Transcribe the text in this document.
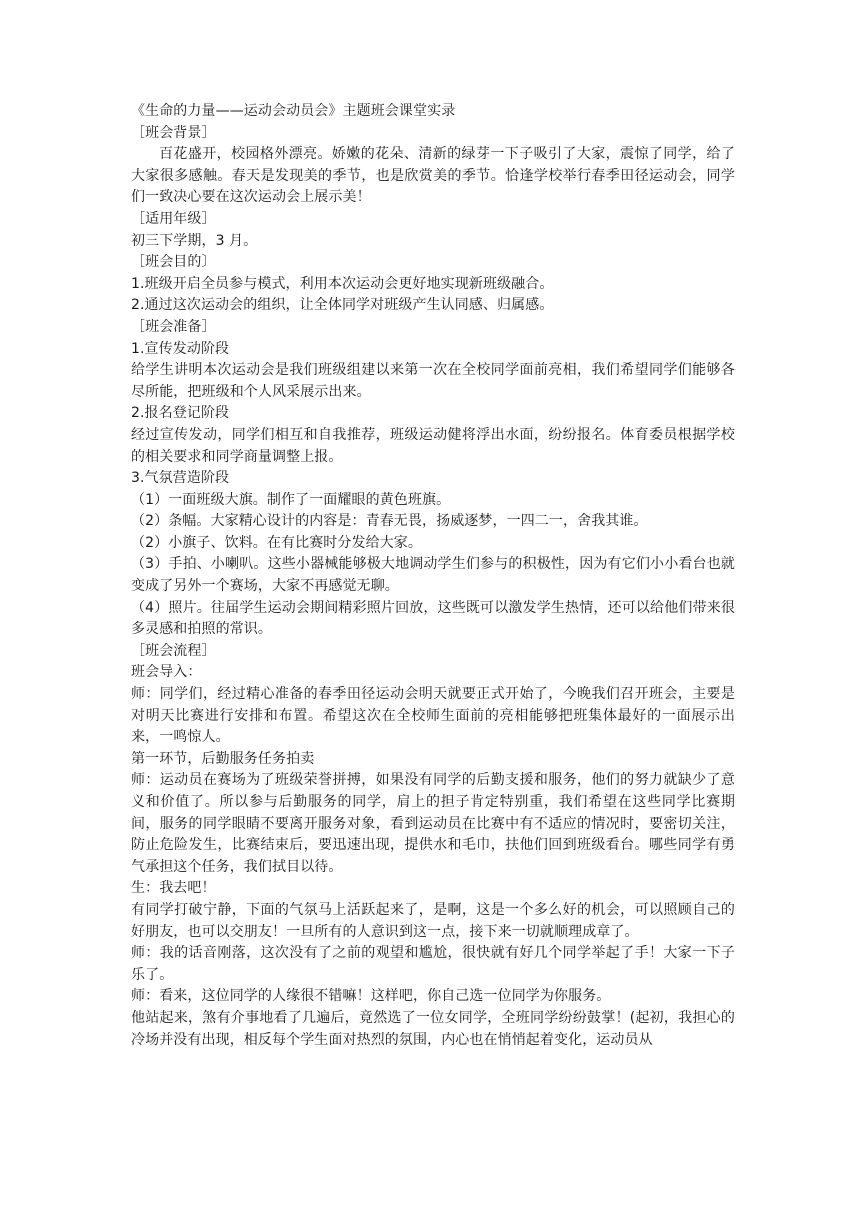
《生命的力量——运动会动员会》主题班会课堂实录

［班会背景］

百花盛开，校园格外漂亮。娇嫩的花朵、清新的绿芽一下子吸引了大家，震惊了同学，给了大家很多感触。春天是发现美的季节，也是欣赏美的季节。恰逢学校举行春季田径运动会，同学们一致决心要在这次运动会上展示美！

［适用年级］

初三下学期，3 月。

［班会目的〕

1.班级开启全员参与模式，利用本次运动会更好地实现新班级融合。

2.通过这次运动会的组织，让全体同学对班级产生认同感、归属感。

［班会准备］

1.宣传发动阶段

给学生讲明本次运动会是我们班级组建以来第一次在全校同学面前亮相，我们希望同学们能够各尽所能，把班级和个人风采展示出来。

2.报名登记阶段

经过宣传发动，同学们相互和自我推荐，班级运动健将浮出水面，纷纷报名。体育委员根据学校的相关要求和同学商量调整上报。

3.气氛营造阶段

（1）一面班级大旗。制作了一面耀眼的黄色班旗。

（2）条幅。大家精心设计的内容是：青春无畏，扬威逐梦，一四二一，舍我其谁。

（2）小旗子、饮料。在有比赛时分发给大家。

（3）手拍、小喇叭。这些小器械能够极大地调动学生们参与的积极性，因为有它们小小看台也就变成了另外一个赛场，大家不再感觉无聊。

（4）照片。往届学生运动会期间精彩照片回放，这些既可以激发学生热情，还可以给他们带来很多灵感和拍照的常识。

［班会流程］

班会导入：

师：同学们，经过精心准备的春季田径运动会明天就要正式开始了，今晚我们召开班会，主要是对明天比赛进行安排和布置。希望这次在全校师生面前的亮相能够把班集体最好的一面展示出来，一鸣惊人。

第一环节，后勤服务任务拍卖

师：运动员在赛场为了班级荣誉拼搏，如果没有同学的后勤支援和服务，他们的努力就缺少了意义和价值了。所以参与后勤服务的同学，肩上的担子肯定特别重，我们希望在这些同学比赛期间，服务的同学眼睛不要离开服务对象，看到运动员在比赛中有不适应的情况时，要密切关注，防止危险发生，比赛结束后，要迅速出现，提供水和毛巾，扶他们回到班级看台。哪些同学有勇气承担这个任务，我们拭目以待。

生：我去吧！

有同学打破宁静，下面的气氛马上活跃起来了，是啊，这是一个多么好的机会，可以照顾自己的好朋友，也可以交朋友！一旦所有的人意识到这一点，接下来一切就顺理成章了。

师：我的话音刚落，这次没有了之前的观望和尴尬，很快就有好几个同学举起了手！大家一下子乐了。

师：看来，这位同学的人缘很不错嘛！这样吧，你自己选一位同学为你服务。

他站起来，煞有介事地看了几遍后，竟然选了一位女同学，全班同学纷纷鼓掌！(起初，我担心的冷场并没有出现，相反每个学生面对热烈的氛围，内心也在悄悄起着变化，运动员从
